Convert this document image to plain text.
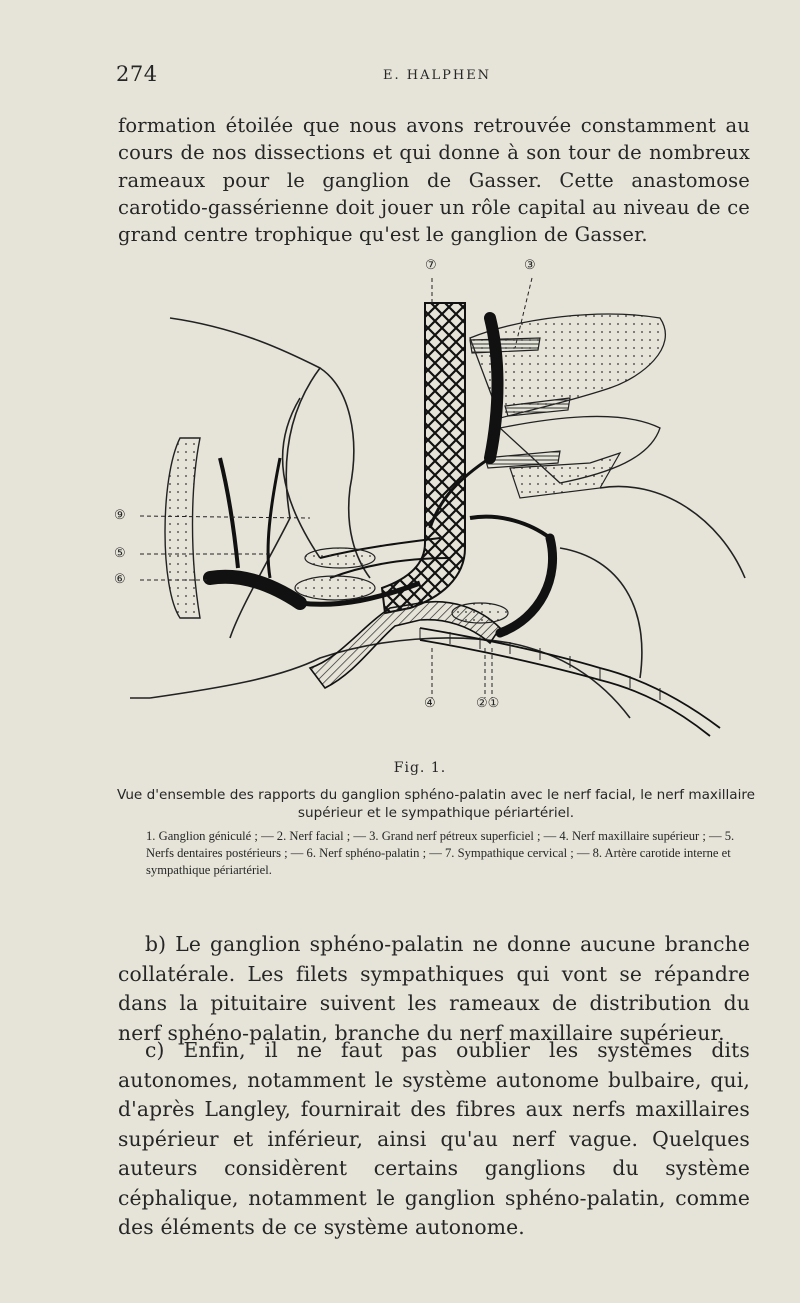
274	E. HALPHEN
formation étoilée que nous avons retrouvée constamment au cours de nos dissections et qui donne à son tour de nombreux rameaux pour le ganglion de Gasser. Cette anastomose carotido-gassérienne doit jouer un rôle capital au niveau de ce grand centre trophique qu'est le ganglion de Gasser.
⑦	③
⑨
⑤
⑥
④	②①
Fig. 1.
Vue d'ensemble des rapports du ganglion sphéno-palatin avec le nerf facial, le nerf maxillaire supérieur et le sympathique périartériel.
1. Ganglion géniculé ; — 2. Nerf facial ; — 3. Grand nerf pétreux superficiel ; — 4. Nerf maxillaire supérieur ; — 5. Nerfs dentaires postérieurs ; — 6. Nerf sphéno-palatin ; — 7. Sympathique cervical ; — 8. Artère carotide interne et sympathique périartériel.
b) Le ganglion sphéno-palatin ne donne aucune branche collatérale. Les filets sympathiques qui vont se répandre dans la pituitaire suivent les rameaux de distribution du nerf sphéno-palatin, branche du nerf maxillaire supérieur.
c) Enfin, il ne faut pas oublier les systèmes dits autonomes, notamment le système autonome bulbaire, qui, d'après Langley, fournirait des fibres aux nerfs maxillaires supérieur et inférieur, ainsi qu'au nerf vague. Quelques auteurs considèrent certains ganglions du système céphalique, notamment le ganglion sphéno-palatin, comme des éléments de ce système autonome.
